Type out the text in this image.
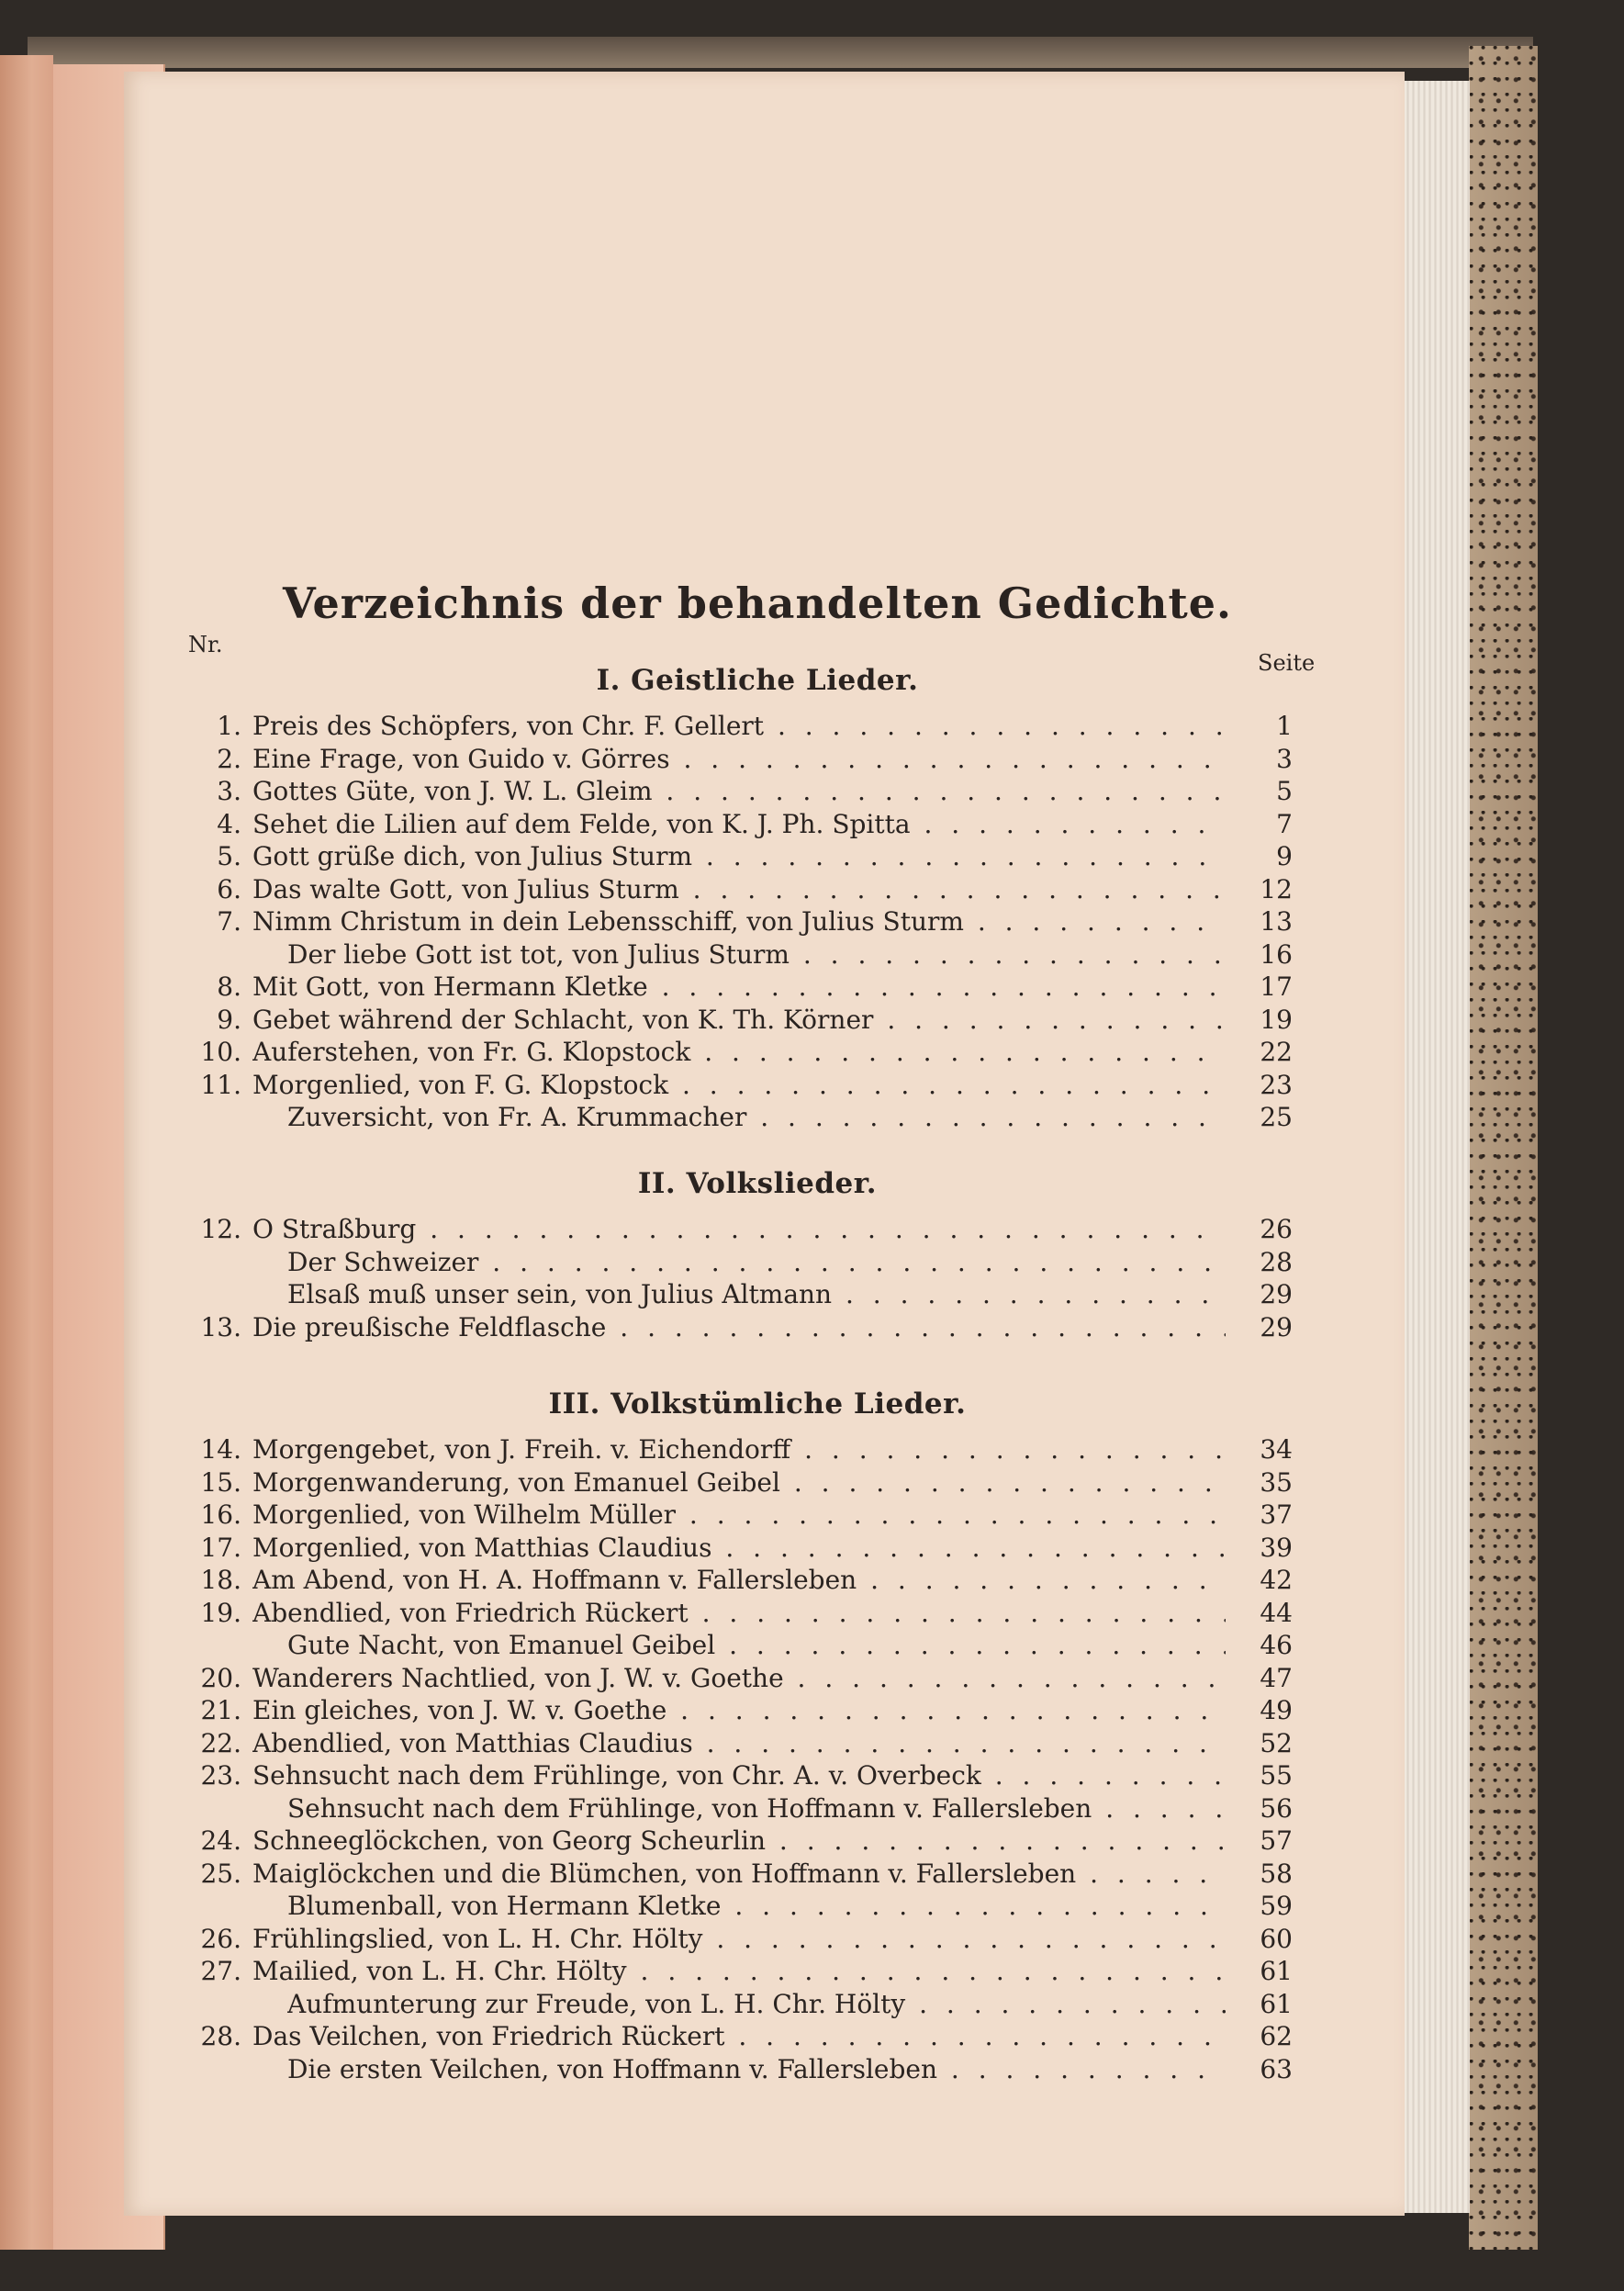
Verzeichnis der behandelten Gedichte.
Nr.
Seite
I. Geistliche Lieder.
1. Preis des Schöpfers, von Chr. F. Gellert . . .	1
2. Eine Frage, von Guido v. Görres . . .	3
3. Gottes Güte, von J. W. L. Gleim . . .	5
4. Sehet die Lilien auf dem Felde, von K. J. Ph. Spitta . . .	7
5. Gott grüße dich, von Julius Sturm . . .	9
6. Das walte Gott, von Julius Sturm . . .	12
7. Nimm Christum in dein Lebensschiff, von Julius Sturm . . .	13
Der liebe Gott ist tot, von Julius Sturm . . .	16
8. Mit Gott, von Hermann Kletke . . .	17
9. Gebet während der Schlacht, von K. Th. Körner . . .	19
10. Auferstehen, von Fr. G. Klopstock . . .	22
11. Morgenlied, von F. G. Klopstock . . .	23
Zuversicht, von Fr. A. Krummacher . . .	25
II. Volkslieder.
12. O Straßburg . . .	26
Der Schweizer . . .	28
Elsaß muß unser sein, von Julius Altmann . . .	29
13. Die preußische Feldflasche . . .	29
III. Volkstümliche Lieder.
14. Morgengebet, von J. Freih. v. Eichendorff . . .	34
15. Morgenwanderung, von Emanuel Geibel . . .	35
16. Morgenlied, von Wilhelm Müller . . .	37
17. Morgenlied, von Matthias Claudius . . .	39
18. Am Abend, von H. A. Hoffmann v. Fallersleben . . .	42
19. Abendlied, von Friedrich Rückert . . .	44
Gute Nacht, von Emanuel Geibel . . .	46
20. Wanderers Nachtlied, von J. W. v. Goethe . . .	47
21. Ein gleiches, von J. W. v. Goethe . . .	49
22. Abendlied, von Matthias Claudius . . .	52
23. Sehnsucht nach dem Frühlinge, von Chr. A. v. Overbeck . . .	55
Sehnsucht nach dem Frühlinge, von Hoffmann v. Fallersleben . . .	56
24. Schneeglöckchen, von Georg Scheurlin . . .	57
25. Maiglöckchen und die Blümchen, von Hoffmann v. Fallersleben . . .	58
Blumenball, von Hermann Kletke . . .	59
26. Frühlingslied, von L. H. Chr. Hölty . . .	60
27. Mailied, von L. H. Chr. Hölty . . .	61
Aufmunterung zur Freude, von L. H. Chr. Hölty . . .	61
28. Das Veilchen, von Friedrich Rückert . . .	62
Die ersten Veilchen, von Hoffmann v. Fallersleben . . .	63
